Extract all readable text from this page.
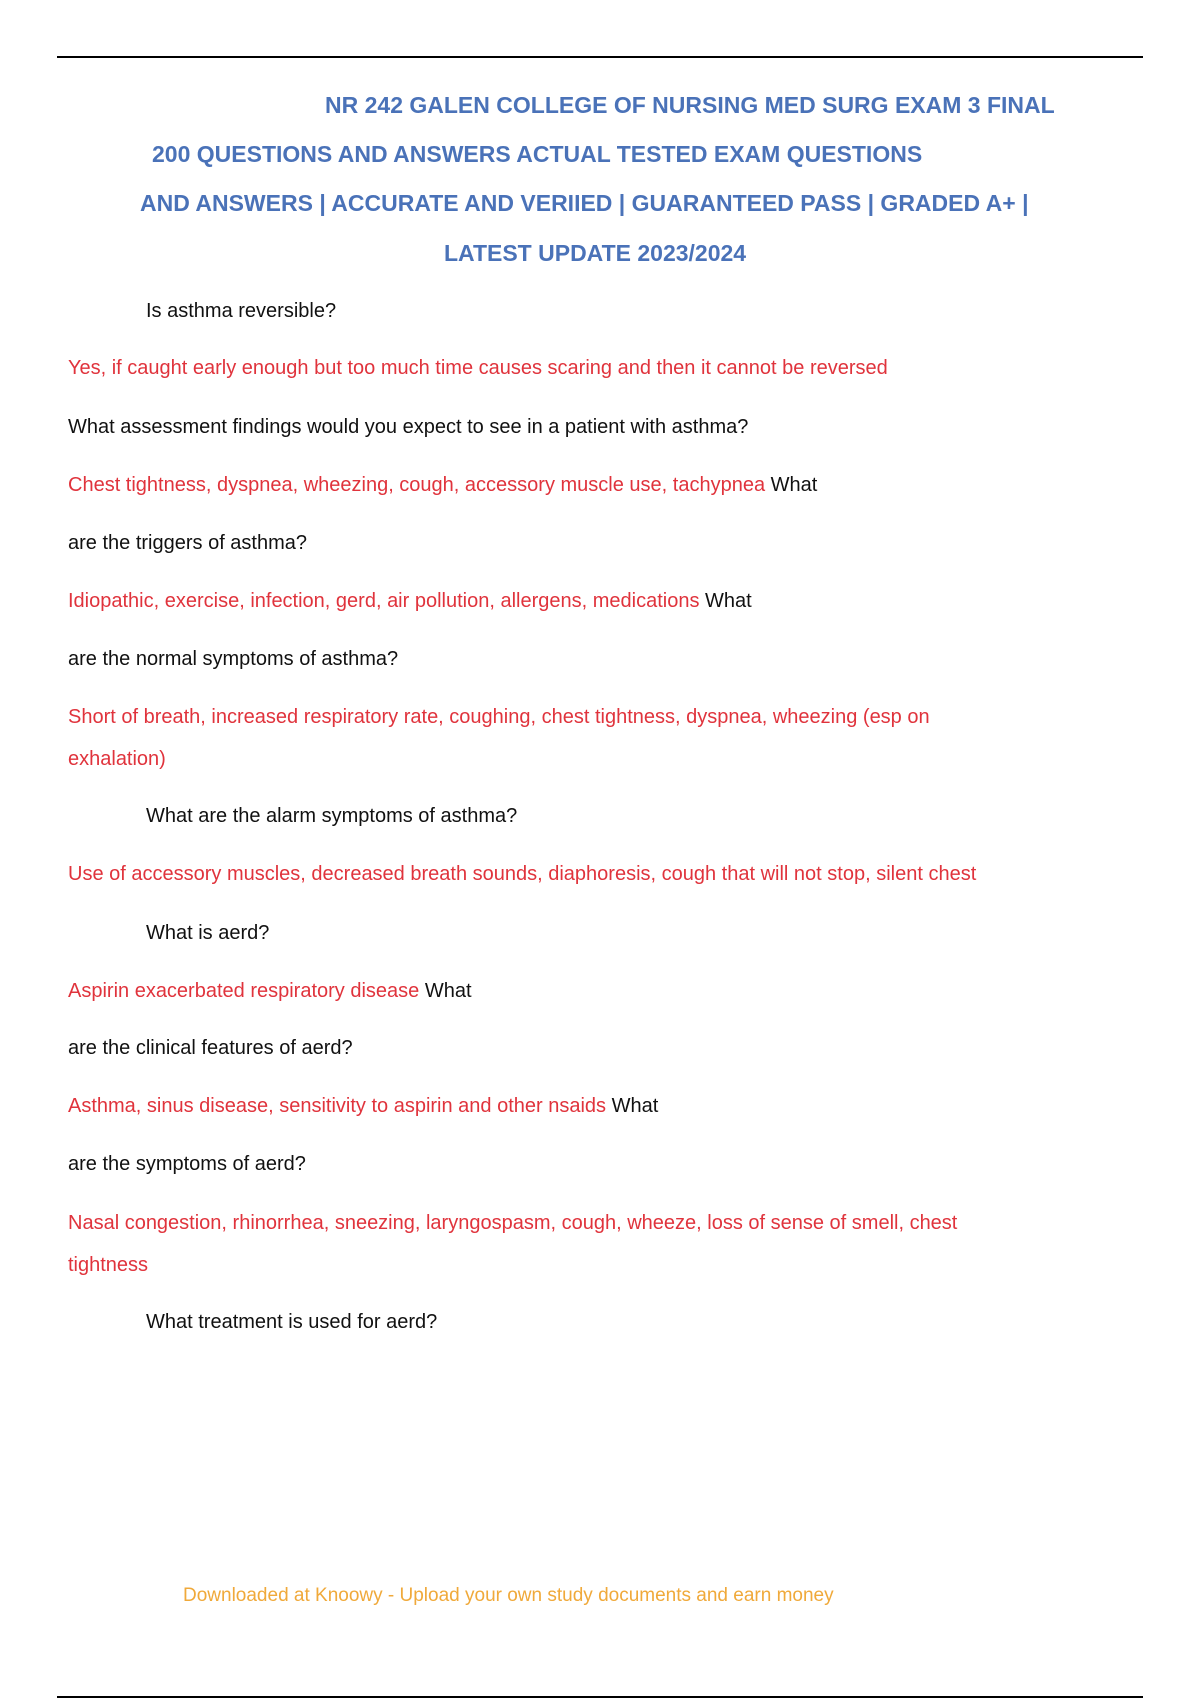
NR 242 GALEN COLLEGE OF NURSING MED SURG EXAM 3 FINAL
200 QUESTIONS AND ANSWERS ACTUAL TESTED EXAM QUESTIONS
AND ANSWERS | ACCURATE AND VERIIED | GUARANTEED PASS | GRADED A+ |
LATEST UPDATE 2023/2024
Is asthma reversible?
Yes, if caught early enough but too much time causes scaring and then it cannot be reversed
What assessment findings would you expect to see in a patient with asthma?
Chest tightness, dyspnea, wheezing, cough, accessory muscle use, tachypnea What
are the triggers of asthma?
Idiopathic, exercise, infection, gerd, air pollution, allergens, medications What
are the normal symptoms of asthma?
Short of breath, increased respiratory rate, coughing, chest tightness, dyspnea, wheezing (esp on
exhalation)
What are the alarm symptoms of asthma?
Use of accessory muscles, decreased breath sounds, diaphoresis, cough that will not stop, silent chest
What is aerd?
Aspirin exacerbated respiratory disease What
are the clinical features of aerd?
Asthma, sinus disease, sensitivity to aspirin and other nsaids What
are the symptoms of aerd?
Nasal congestion, rhinorrhea, sneezing, laryngospasm, cough, wheeze, loss of sense of smell, chest
tightness
What treatment is used for aerd?
Downloaded at Knoowy - Upload your own study documents and earn money
